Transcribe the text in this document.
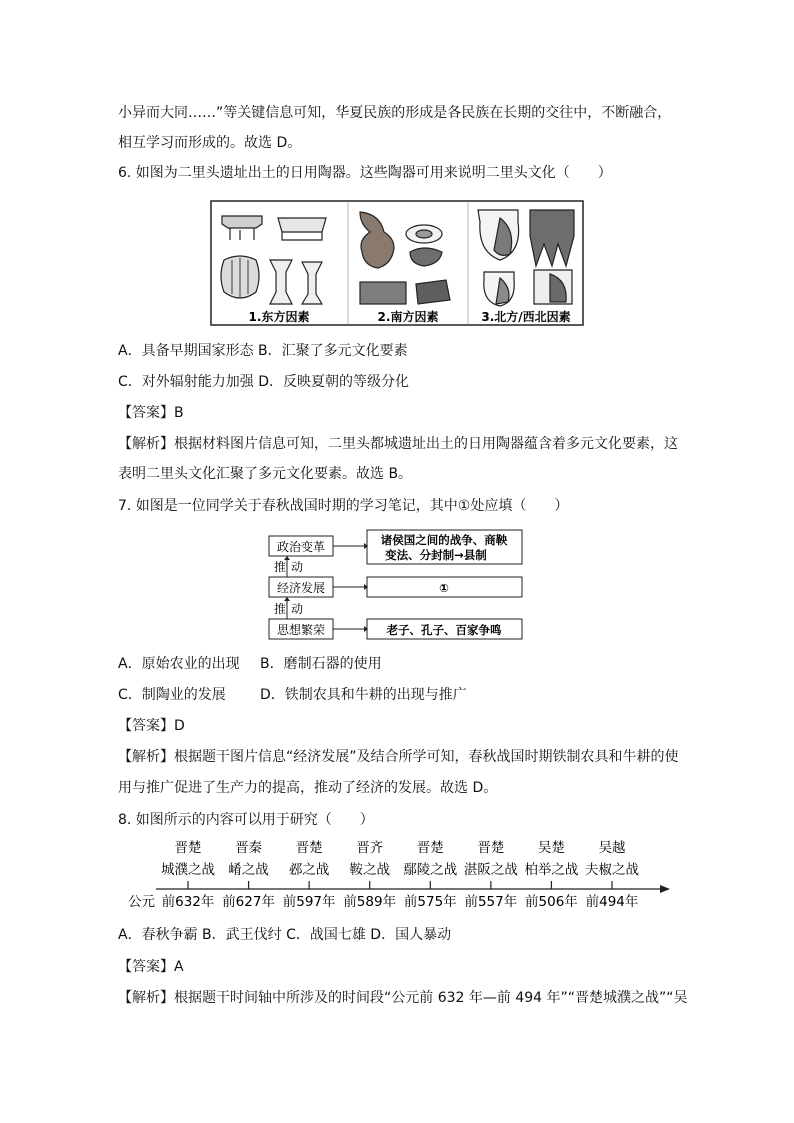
小异而大同……”等关键信息可知，华夏民族的形成是各民族在长期的交往中，不断融合，
相互学习而形成的。故选 D。
6. 如图为二里头遗址出土的日用陶器。这些陶器可用来说明二里头文化（　　）
1.东方因素	2.南方因素	3.北方/西北因素
A．具备早期国家形态 B．汇聚了多元文化要素
C．对外辐射能力加强 D．反映夏朝的等级分化
【答案】B
【解析】根据材料图片信息可知，二里头都城遗址出土的日用陶器蕴含着多元文化要素，这
表明二里头文化汇聚了多元文化要素。故选 B。
7. 如图是一位同学关于春秋战国时期的学习笔记，其中①处应填（　　）
政治变革
经济发展
思想繁荣
推 动
推 动
诸侯国之间的战争、商鞅
变法、分封制→县制
①
老子、孔子、百家争鸣
A．原始农业的出现 B．磨制石器的使用
C．制陶业的发展 D．铁制农具和牛耕的出现与推广
【答案】D
【解析】根据题干图片信息“经济发展”及结合所学可知，春秋战国时期铁制农具和牛耕的使
用与推广促进了生产力的提高，推动了经济的发展。故选 D。
8. 如图所示的内容可以用于研究（　　）
公元
晋楚
城濮之战
前632年
晋秦
崤之战
前627年
晋楚
邲之战
前597年
晋齐
鞍之战
前589年
晋楚
鄢陵之战
前575年
晋楚
湛阪之战
前557年
吴楚
柏举之战
前506年
吴越
夫椒之战
前494年
A．春秋争霸 B．武王伐纣 C．战国七雄 D．国人暴动
【答案】A
【解析】根据题干时间轴中所涉及的时间段“公元前 632 年—前 494 年”“晋楚城濮之战”“吴
